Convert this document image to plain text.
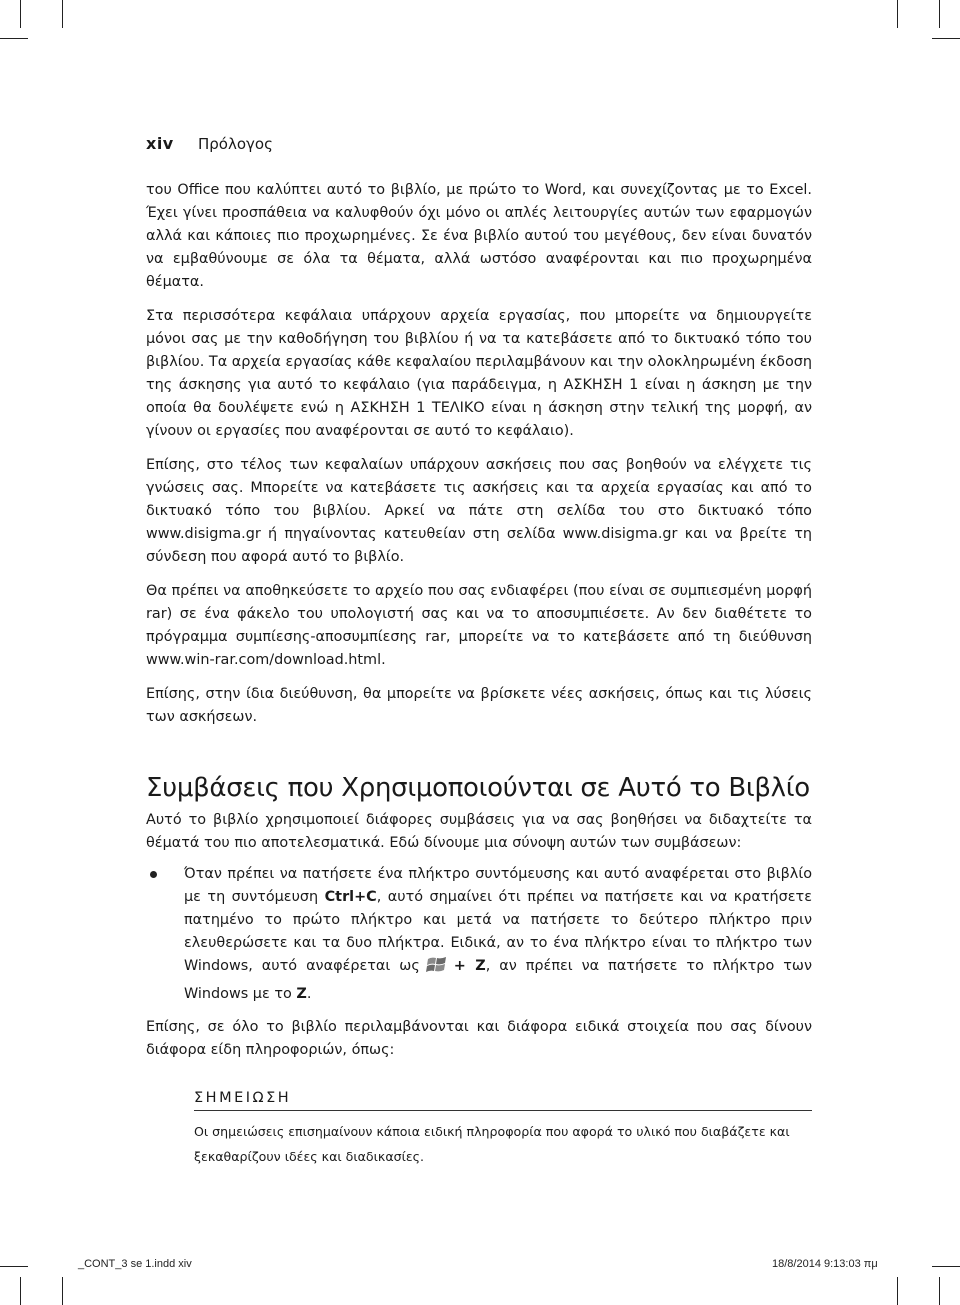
xiv Πρόλογος

του Office που καλύπτει αυτό το βιβλίο, με πρώτο το Word, και συνεχίζοντας με το Excel. Έχει γίνει προσπάθεια να καλυφθούν όχι μόνο οι απλές λειτουργίες αυτών των εφαρμογών αλλά και κάποιες πιο προχωρημένες. Σε ένα βιβλίο αυτού του μεγέθους, δεν είναι δυνατόν να εμβαθύνουμε σε όλα τα θέματα, αλλά ωστόσο αναφέρονται και πιο προχωρημένα θέματα.

Στα περισσότερα κεφάλαια υπάρχουν αρχεία εργασίας, που μπορείτε να δημιουργείτε μόνοι σας με την καθοδήγηση του βιβλίου ή να τα κατεβάσετε από το δικτυακό τόπο του βιβλίου. Τα αρχεία εργασίας κάθε κεφαλαίου περιλαμβάνουν και την ολοκληρωμένη έκδοση της άσκησης για αυτό το κεφάλαιο (για παράδειγμα, η ΑΣΚΗΣΗ 1 είναι η άσκηση με την οποία θα δουλέψετε ενώ η ΑΣΚΗΣΗ 1 ΤΕΛΙΚΟ είναι η άσκηση στην τελική της μορφή, αν γίνουν οι εργασίες που αναφέρονται σε αυτό το κεφάλαιο).

Επίσης, στο τέλος των κεφαλαίων υπάρχουν ασκήσεις που σας βοηθούν να ελέγχετε τις γνώσεις σας. Μπορείτε να κατεβάσετε τις ασκήσεις και τα αρχεία εργασίας και από το δικτυακό τόπο του βιβλίου. Αρκεί να πάτε στη σελίδα του στο δικτυακό τόπο www.disigma.gr ή πηγαίνοντας κατευθείαν στη σελίδα www.disigma.gr και να βρείτε τη σύνδεση που αφορά αυτό το βιβλίο.

Θα πρέπει να αποθηκεύσετε το αρχείο που σας ενδιαφέρει (που είναι σε συμπιεσμένη μορφή rar) σε ένα φάκελο του υπολογιστή σας και να το αποσυμπιέσετε. Αν δεν διαθέτετε το πρόγραμμα συμπίεσης-αποσυμπίεσης rar, μπορείτε να το κατεβάσετε από τη διεύθυνση www.win-rar.com/download.html.

Επίσης, στην ίδια διεύθυνση, θα μπορείτε να βρίσκετε νέες ασκήσεις, όπως και τις λύσεις των ασκήσεων.

Συμβάσεις που Χρησιμοποιούνται σε Αυτό το Βιβλίο

Αυτό το βιβλίο χρησιμοποιεί διάφορες συμβάσεις για να σας βοηθήσει να διδαχτείτε τα θέματά του πιο αποτελεσματικά. Εδώ δίνουμε μια σύνοψη αυτών των συμβάσεων:

Όταν πρέπει να πατήσετε ένα πλήκτρο συντόμευσης και αυτό αναφέρεται στο βιβλίο με τη συντόμευση Ctrl+C, αυτό σημαίνει ότι πρέπει να πατήσετε και να κρατήσετε πατημένο το πρώτο πλήκτρο και μετά να πατήσετε το δεύτερο πλήκτρο πριν ελευθερώσετε και τα δυο πλήκτρα. Ειδικά, αν το ένα πλήκτρο είναι το πλήκτρο των Windows, αυτό αναφέρεται ως + Z, αν πρέπει να πατήσετε το πλήκτρο των Windows με το Z.

Επίσης, σε όλο το βιβλίο περιλαμβάνονται και διάφορα ειδικά στοιχεία που σας δίνουν διάφορα είδη πληροφοριών, όπως:

ΣΗΜΕΙΩΣΗ

Οι σημειώσεις επισημαίνουν κάποια ειδική πληροφορία που αφορά το υλικό που διαβάζετε και ξεκαθαρίζουν ιδέες και διαδικασίες.

_CONT_3 se 1.indd xiv	18/8/2014 9:13:03 πμ
